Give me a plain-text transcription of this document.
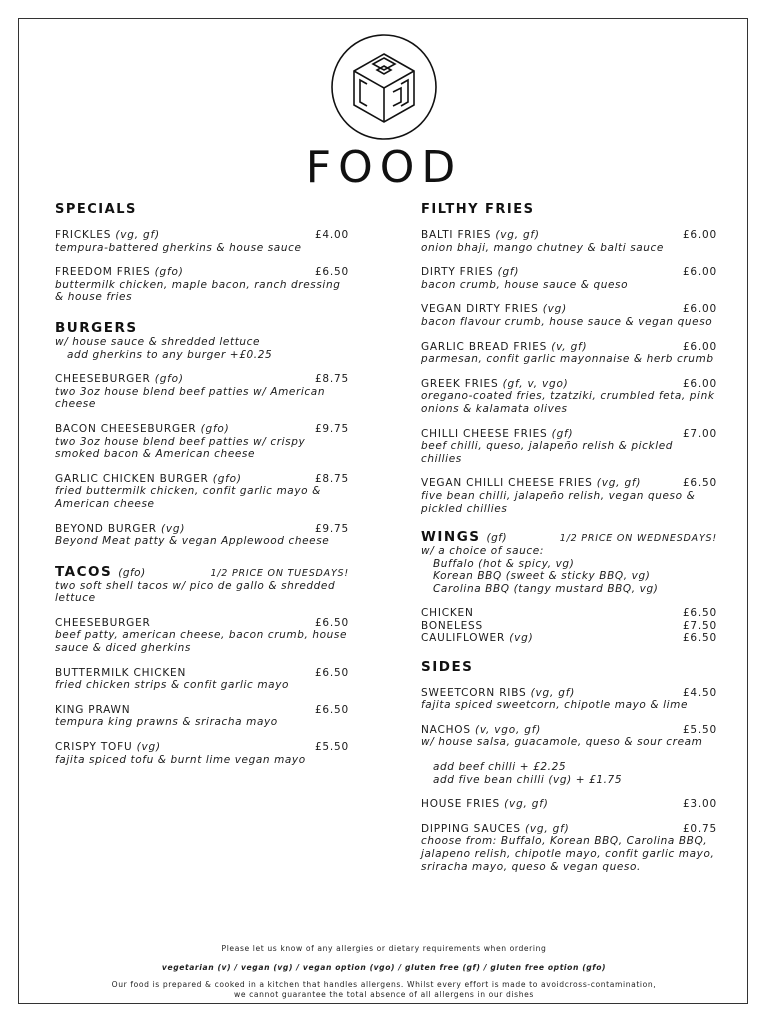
FOOD
SPECIALS
FRICKLES (vg, gf)	£4.00
tempura-battered gherkins & house sauce
FREEDOM FRIES (gfo)	£6.50
buttermilk chicken, maple bacon, ranch dressing & house fries
BURGERS
w/ house sauce & shredded lettuce
add gherkins to any burger +£0.25
CHEESEBURGER (gfo)	£8.75
two 3oz house blend beef patties w/ American cheese
BACON CHEESEBURGER (gfo)	£9.75
two 3oz house blend beef patties w/ crispy smoked bacon & American cheese
GARLIC CHICKEN BURGER (gfo)	£8.75
fried buttermilk chicken, confit garlic mayo & American cheese
BEYOND BURGER (vg)	£9.75
Beyond Meat patty & vegan Applewood cheese
TACOS (gfo)	1/2 PRICE ON TUESDAYS!
two soft shell tacos w/ pico de gallo & shredded lettuce
CHEESEBURGER	£6.50
beef patty, american cheese, bacon crumb, house sauce & diced gherkins
BUTTERMILK CHICKEN	£6.50
fried chicken strips & confit garlic mayo
KING PRAWN	£6.50
tempura king prawns & sriracha mayo
CRISPY TOFU (vg)	£5.50
fajita spiced tofu & burnt lime vegan mayo
FILTHY FRIES
BALTI FRIES (vg, gf)	£6.00
onion bhaji, mango chutney & balti sauce
DIRTY FRIES (gf)	£6.00
bacon crumb, house sauce & queso
VEGAN DIRTY FRIES (vg)	£6.00
bacon flavour crumb, house sauce & vegan queso
GARLIC BREAD FRIES (v, gf)	£6.00
parmesan, confit garlic mayonnaise & herb crumb
GREEK FRIES (gf, v, vgo)	£6.00
oregano-coated fries, tzatziki, crumbled feta, pink onions & kalamata olives
CHILLI CHEESE FRIES (gf)	£7.00
beef chilli, queso, jalapeño relish & pickled chillies
VEGAN CHILLI CHEESE FRIES (vg, gf)	£6.50
five bean chilli, jalapeño relish, vegan queso & pickled chillies
WINGS (gf)	1/2 PRICE ON WEDNESDAYS!
w/ a choice of sauce:
Buffalo (hot & spicy, vg)
Korean BBQ (sweet & sticky BBQ, vg)
Carolina BBQ (tangy mustard BBQ, vg)
CHICKEN	£6.50
BONELESS	£7.50
CAULIFLOWER (vg)	£6.50
SIDES
SWEETCORN RIBS (vg, gf)	£4.50
fajita spiced sweetcorn, chipotle mayo & lime
NACHOS (v, vgo, gf)	£5.50
w/ house salsa, guacamole, queso & sour cream
add beef chilli + £2.25
add five bean chilli (vg) + £1.75
HOUSE FRIES (vg, gf)	£3.00
DIPPING SAUCES (vg, gf)	£0.75
choose from: Buffalo, Korean BBQ, Carolina BBQ, jalapeno relish, chipotle mayo, confit garlic mayo, sriracha mayo, queso & vegan queso.
Please let us know of any allergies or dietary requirements when ordering
vegetarian (v) / vegan (vg) / vegan option (vgo) / gluten free (gf) / gluten free option (gfo)
Our food is prepared & cooked in a kitchen that handles allergens. Whilst every effort is made to avoidcross-contamination,
we cannot guarantee the total absence of all allergens in our dishes
